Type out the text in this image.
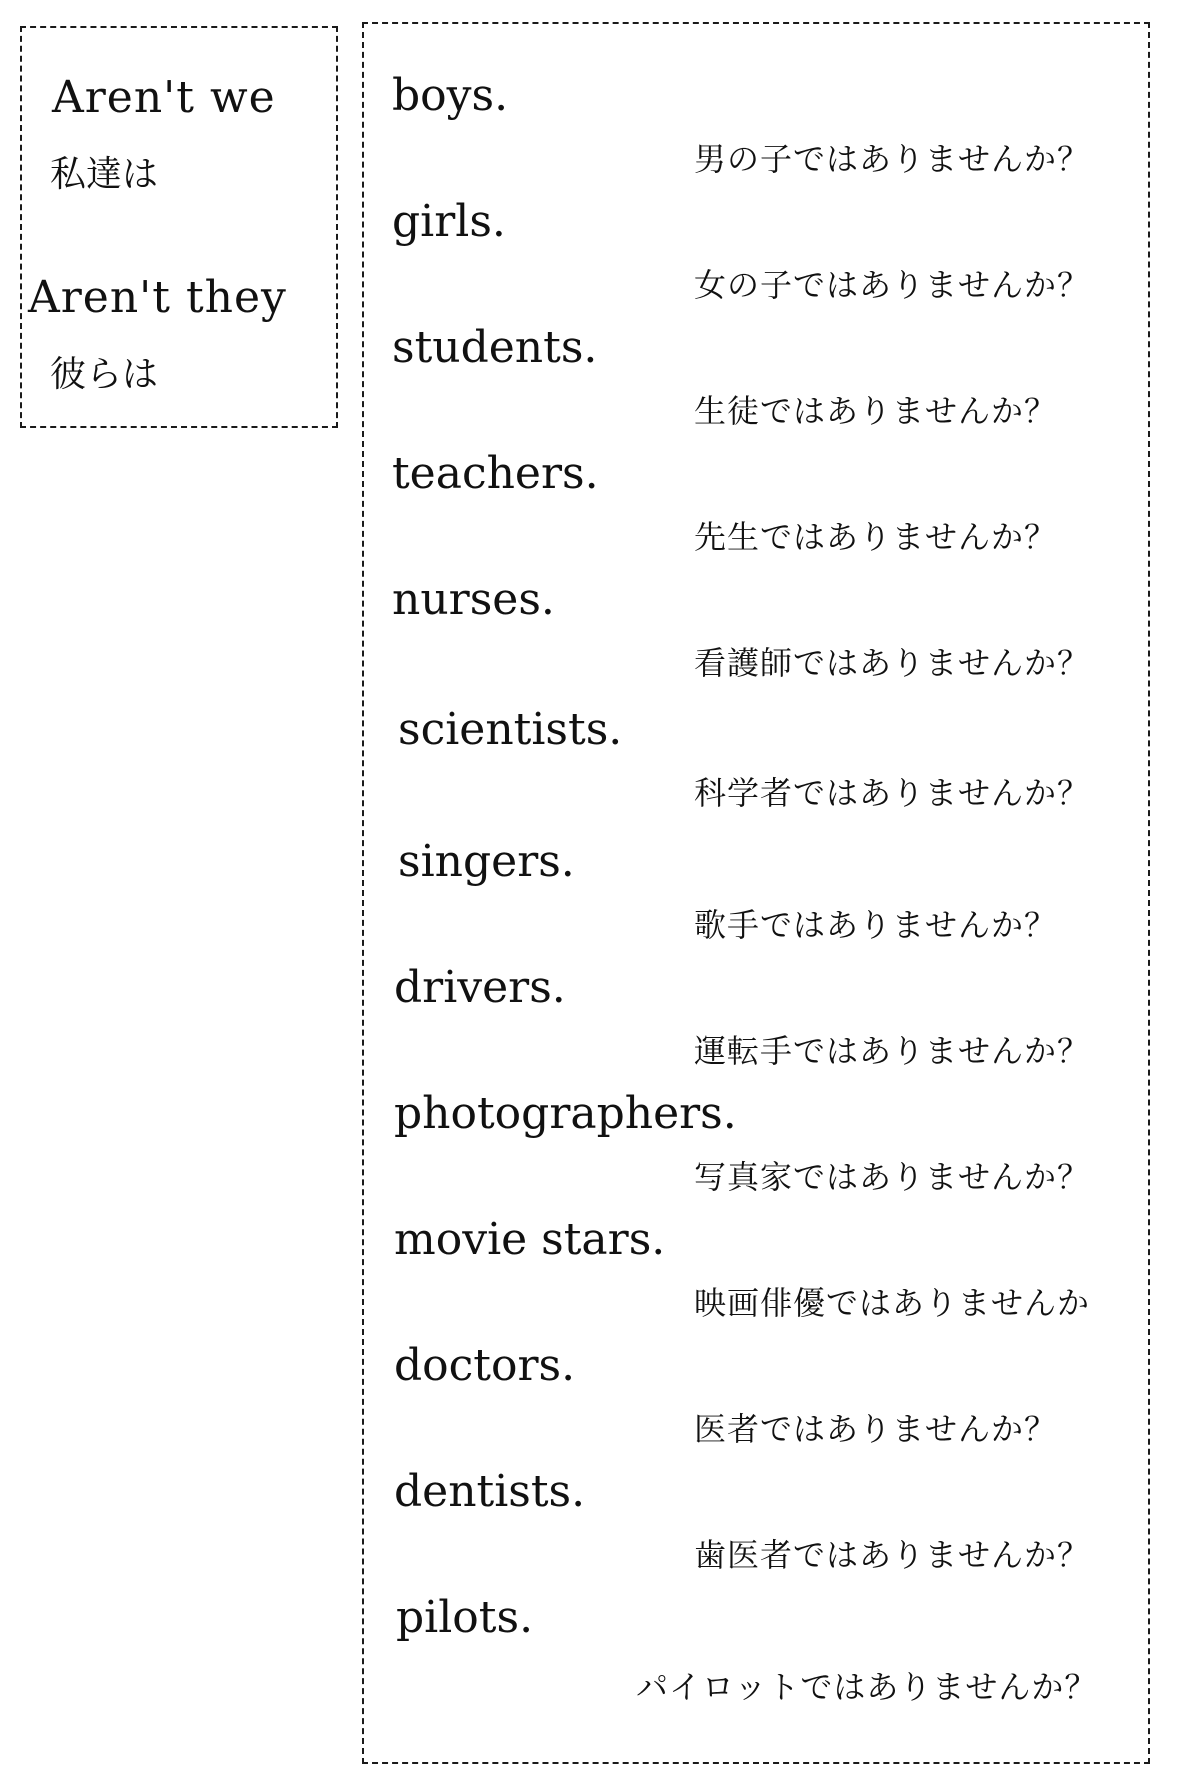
Aren't we
私達は
Aren't they
彼らは
boys.
男の子ではありませんか？
girls.
女の子ではありませんか？
students.
生徒ではありませんか？
teachers.
先生ではありませんか？
nurses.
看護師ではありませんか？
scientists.
科学者ではありませんか？
singers.
歌手ではありませんか？
drivers.
運転手ではありませんか？
photographers.
写真家ではありませんか？
movie stars.
映画俳優ではありませんか
doctors.
医者ではありませんか？
dentists.
歯医者ではありませんか？
pilots.
パイロットではありませんか？
